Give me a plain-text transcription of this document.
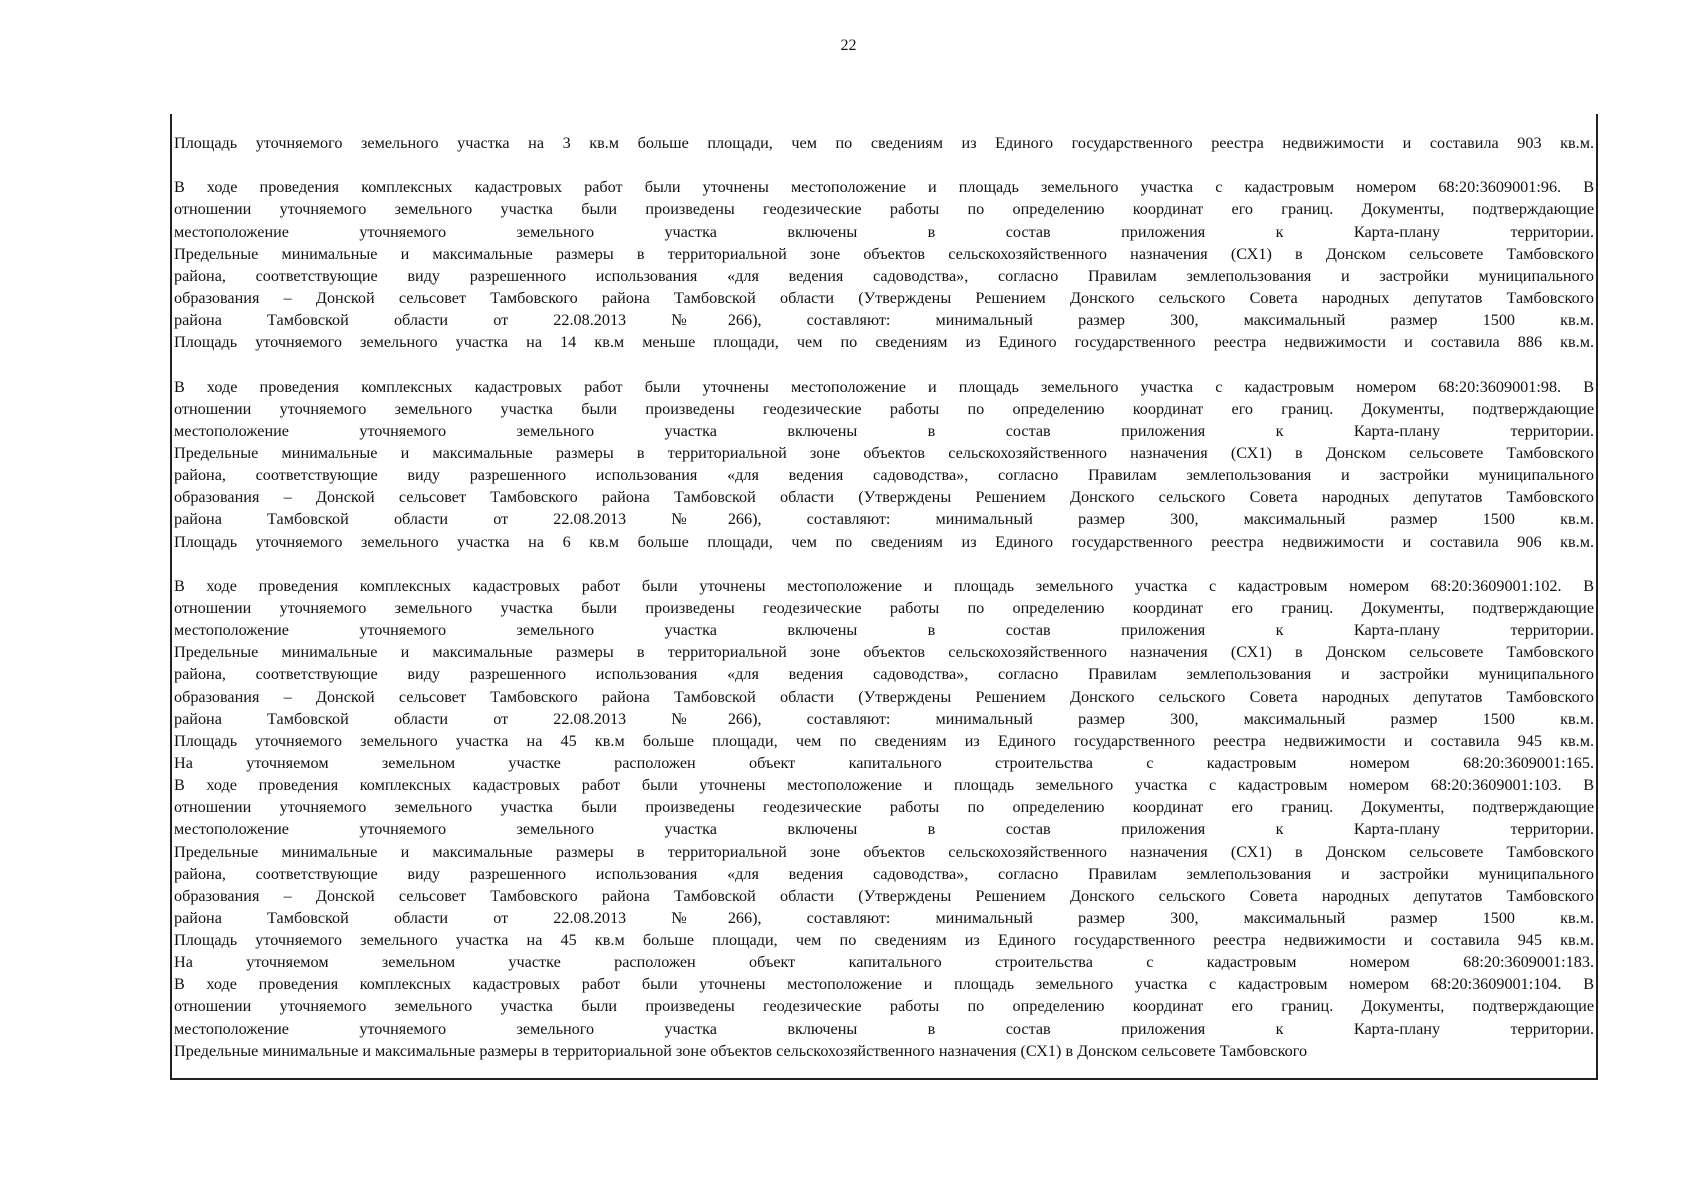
22
Площадь уточняемого земельного участка на 3 кв.м больше площади, чем по сведениям из Единого государственного реестра недвижимости и составила 903 кв.м.
В ходе проведения комплексных кадастровых работ были уточнены местоположение и площадь земельного участка с кадастровым номером 68:20:3609001:96. В
отношении уточняемого земельного участка были произведены геодезические работы по определению координат его границ. Документы, подтверждающие
местоположение уточняемого земельного участка включены в состав приложения к Карта-плану территории.
Предельные минимальные и максимальные размеры в территориальной зоне объектов сельскохозяйственного назначения (СХ1) в Донском сельсовете Тамбовского
района, соответствующие виду разрешенного использования «для ведения садоводства», согласно Правилам землепользования и застройки муниципального
образования – Донской сельсовет Тамбовского района Тамбовской области (Утверждены Решением Донского сельского Совета народных депутатов Тамбовского
района Тамбовской области от 22.08.2013 №266), составляют: минимальный размер 300, максимальный размер 1500 кв.м.
Площадь уточняемого земельного участка на 14 кв.м меньше площади, чем по сведениям из Единого государственного реестра недвижимости и составила 886 кв.м.
В ходе проведения комплексных кадастровых работ были уточнены местоположение и площадь земельного участка с кадастровым номером 68:20:3609001:98. В
отношении уточняемого земельного участка были произведены геодезические работы по определению координат его границ. Документы, подтверждающие
местоположение уточняемого земельного участка включены в состав приложения к Карта-плану территории.
Предельные минимальные и максимальные размеры в территориальной зоне объектов сельскохозяйственного назначения (СХ1) в Донском сельсовете Тамбовского
района, соответствующие виду разрешенного использования «для ведения садоводства», согласно Правилам землепользования и застройки муниципального
образования – Донской сельсовет Тамбовского района Тамбовской области (Утверждены Решением Донского сельского Совета народных депутатов Тамбовского
района Тамбовской области от 22.08.2013 №266), составляют: минимальный размер 300, максимальный размер 1500 кв.м.
Площадь уточняемого земельного участка на 6 кв.м больше площади, чем по сведениям из Единого государственного реестра недвижимости и составила 906 кв.м.
В ходе проведения комплексных кадастровых работ были уточнены местоположение и площадь земельного участка с кадастровым номером 68:20:3609001:102. В
отношении уточняемого земельного участка были произведены геодезические работы по определению координат его границ. Документы, подтверждающие
местоположение уточняемого земельного участка включены в состав приложения к Карта-плану территории.
Предельные минимальные и максимальные размеры в территориальной зоне объектов сельскохозяйственного назначения (СХ1) в Донском сельсовете Тамбовского
района, соответствующие виду разрешенного использования «для ведения садоводства», согласно Правилам землепользования и застройки муниципального
образования – Донской сельсовет Тамбовского района Тамбовской области (Утверждены Решением Донского сельского Совета народных депутатов Тамбовского
района Тамбовской области от 22.08.2013 №266), составляют: минимальный размер 300, максимальный размер 1500 кв.м.
Площадь уточняемого земельного участка на 45 кв.м больше площади, чем по сведениям из Единого государственного реестра недвижимости и составила 945 кв.м.
На уточняемом земельном участке расположен объект капитального строительства с кадастровым номером 68:20:3609001:165.
В ходе проведения комплексных кадастровых работ были уточнены местоположение и площадь земельного участка с кадастровым номером 68:20:3609001:103. В
отношении уточняемого земельного участка были произведены геодезические работы по определению координат его границ. Документы, подтверждающие
местоположение уточняемого земельного участка включены в состав приложения к Карта-плану территории.
Предельные минимальные и максимальные размеры в территориальной зоне объектов сельскохозяйственного назначения (СХ1) в Донском сельсовете Тамбовского
района, соответствующие виду разрешенного использования «для ведения садоводства», согласно Правилам землепользования и застройки муниципального
образования – Донской сельсовет Тамбовского района Тамбовской области (Утверждены Решением Донского сельского Совета народных депутатов Тамбовского
района Тамбовской области от 22.08.2013 №266), составляют: минимальный размер 300, максимальный размер 1500 кв.м.
Площадь уточняемого земельного участка на 45 кв.м больше площади, чем по сведениям из Единого государственного реестра недвижимости и составила 945 кв.м.
На уточняемом земельном участке расположен объект капитального строительства с кадастровым номером 68:20:3609001:183.
В ходе проведения комплексных кадастровых работ были уточнены местоположение и площадь земельного участка с кадастровым номером 68:20:3609001:104. В
отношении уточняемого земельного участка были произведены геодезические работы по определению координат его границ. Документы, подтверждающие
местоположение уточняемого земельного участка включены в состав приложения к Карта-плану территории.
Предельные минимальные и максимальные размеры в территориальной зоне объектов сельскохозяйственного назначения (СХ1) в Донском сельсовете Тамбовского
